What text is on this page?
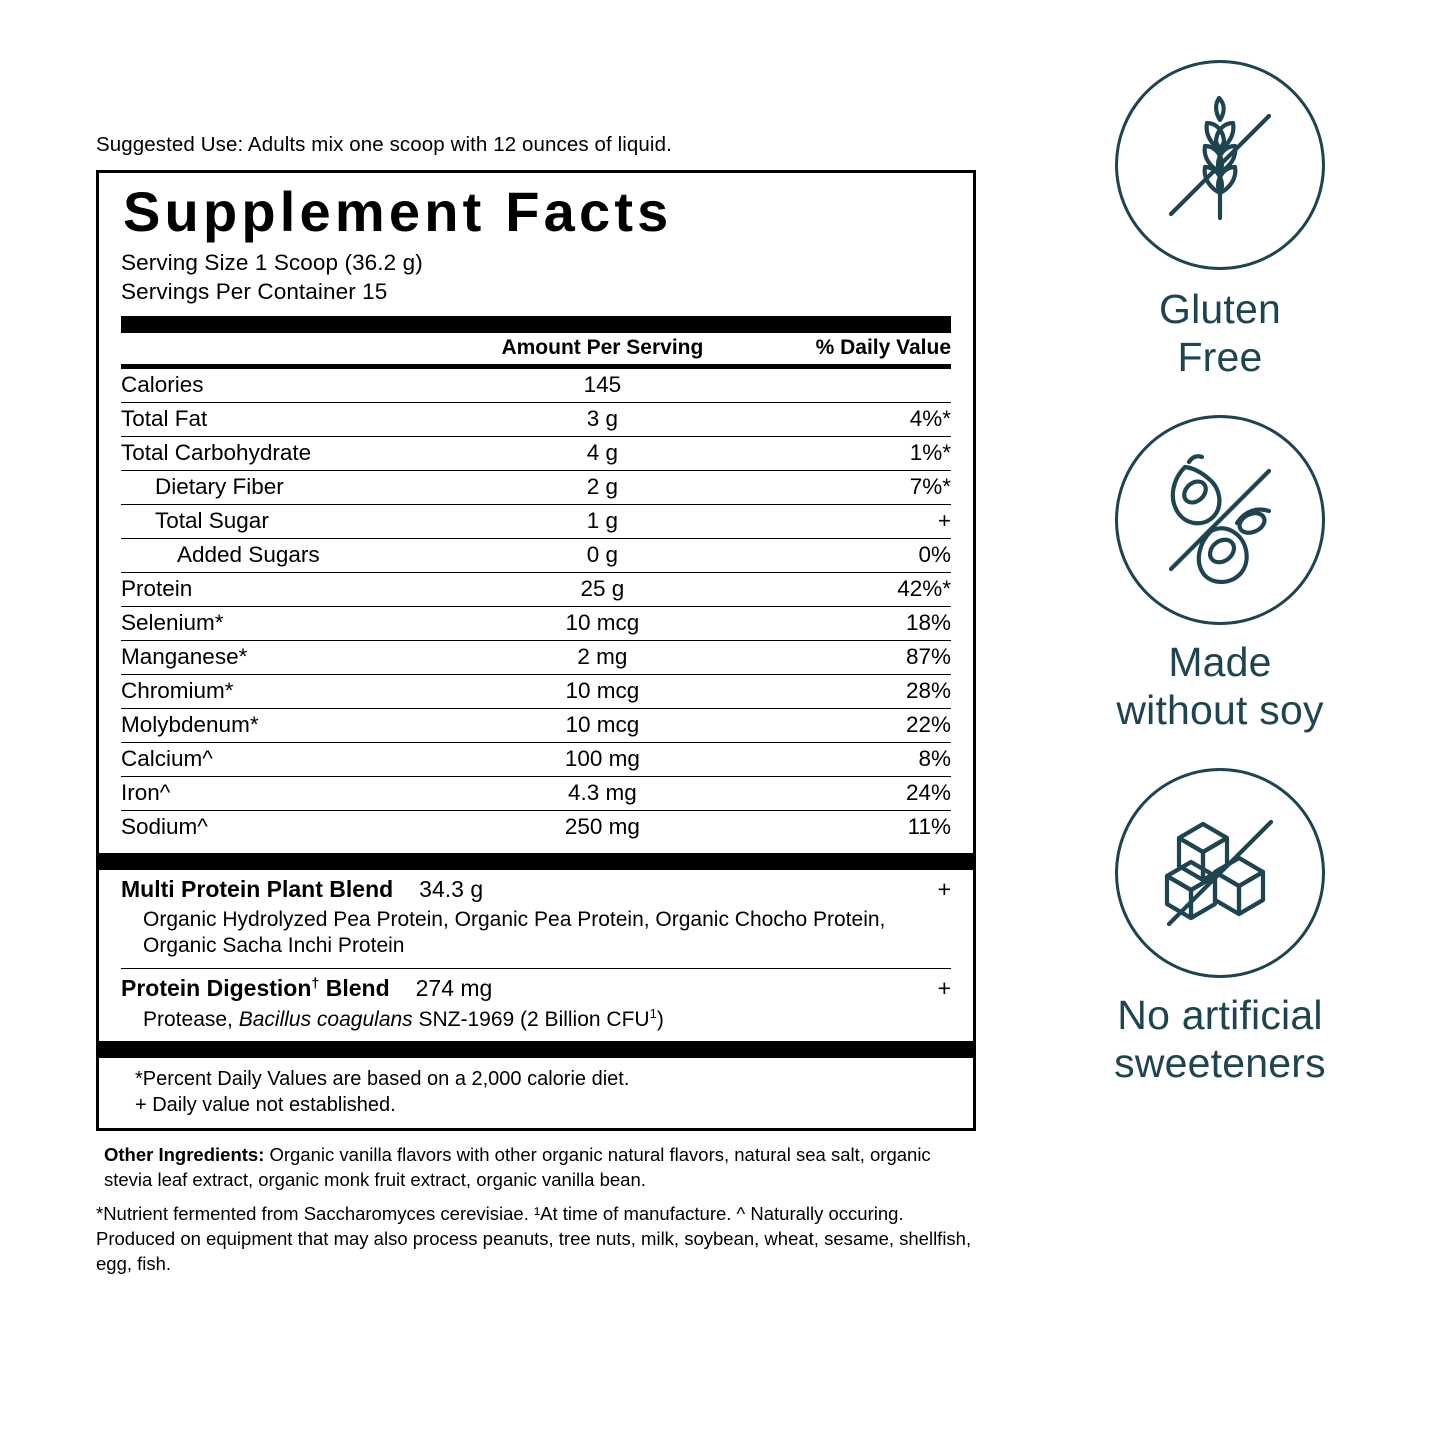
Suggested Use: Adults mix one scoop with 12 ounces of liquid.
Supplement Facts
Serving Size 1 Scoop (36.2 g)
Servings Per Container 15
	Amount Per Serving	% Daily Value
Calories	145	
Total Fat	3 g	4%*
Total Carbohydrate	4 g	1%*
Dietary Fiber	2 g	7%*
Total Sugar	1 g	+
Added Sugars	0 g	0%
Protein	25 g	42%*
Selenium*	10 mcg	18%
Manganese*	2 mg	87%
Chromium*	10 mcg	28%
Molybdenum*	10 mcg	22%
Calcium^	100 mg	8%
Iron^	4.3 mg	24%
Sodium^	250 mg	11%
Multi Protein Plant Blend 34.3 g	+
Organic Hydrolyzed Pea Protein, Organic Pea Protein, Organic Chocho Protein, Organic Sacha Inchi Protein
Protein Digestion† Blend 274 mg	+
Protease, Bacillus coagulans SNZ-1969 (2 Billion CFU$^1$)
*Percent Daily Values are based on a 2,000 calorie diet.
+ Daily value not established.
Other Ingredients: Organic vanilla flavors with other organic natural flavors, natural sea salt, organic stevia leaf extract, organic monk fruit extract, organic vanilla bean.
*Nutrient fermented from Saccharomyces cerevisiae. ¹At time of manufacture. ^ Naturally occuring. Produced on equipment that may also process peanuts, tree nuts, milk, soybean, wheat, sesame, shellfish, egg, fish.
Gluten
Free
Made
without soy
No artificial
sweeteners
